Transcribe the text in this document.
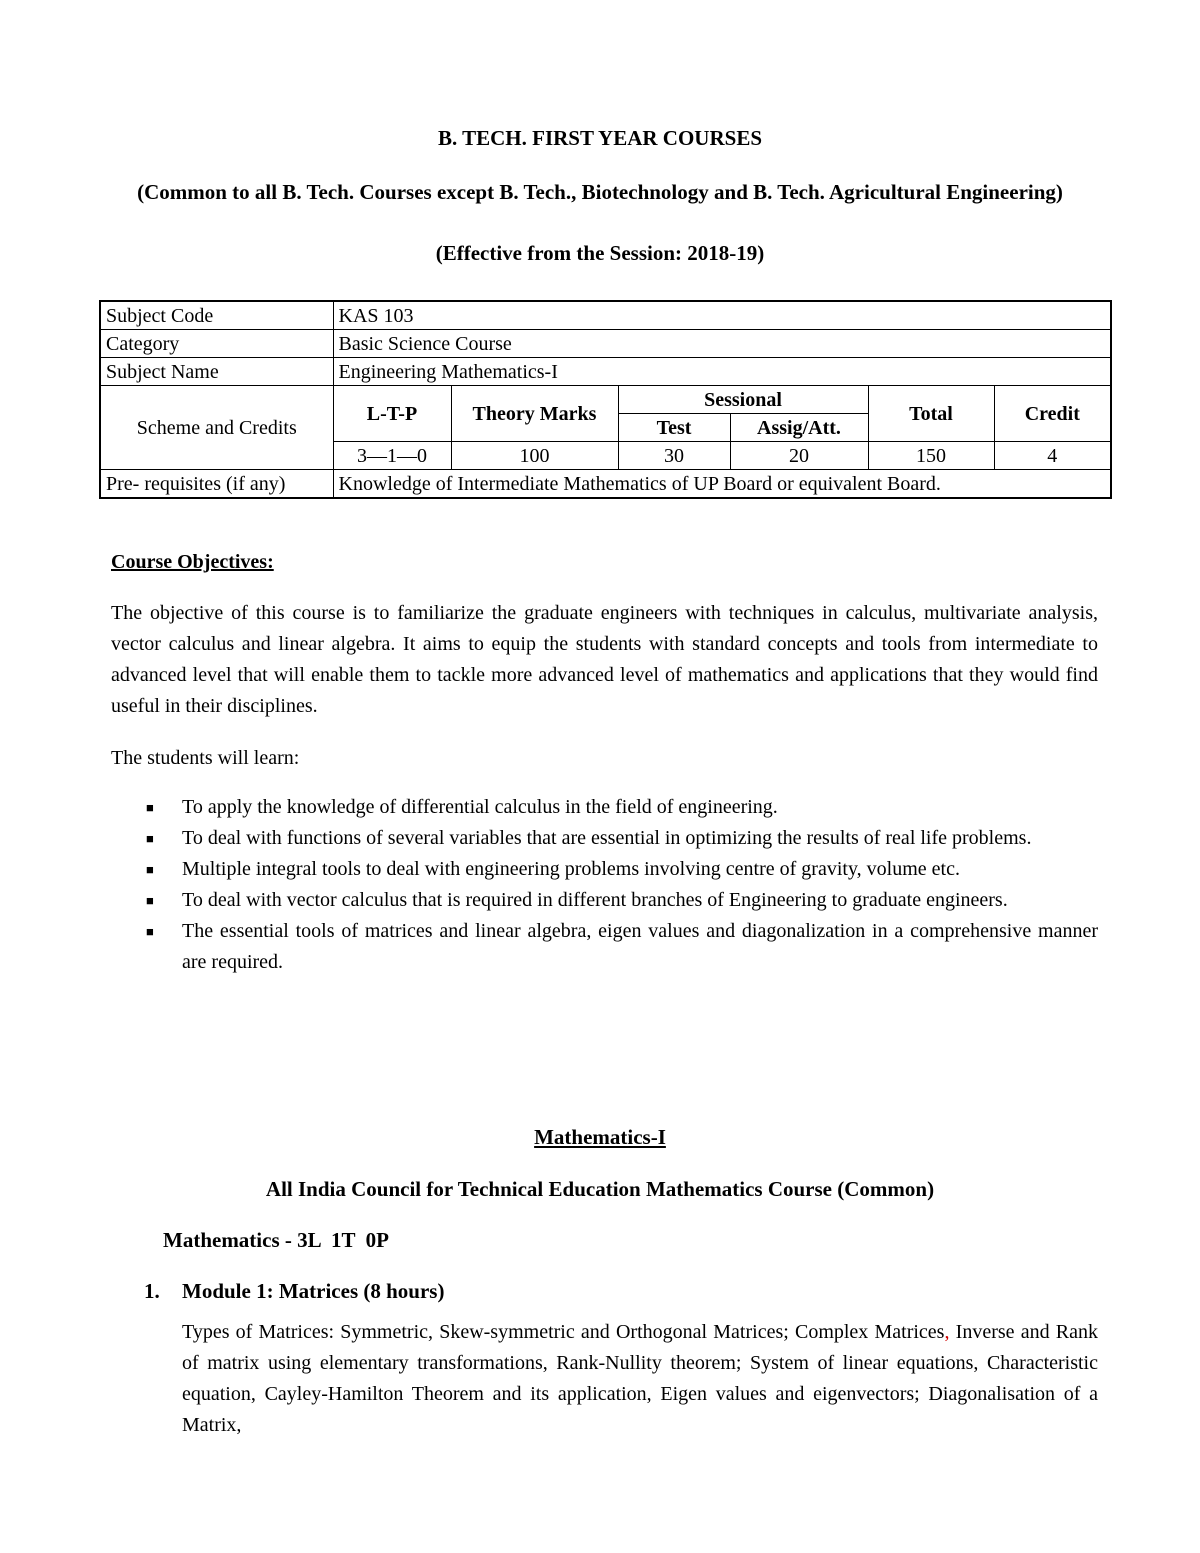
B. TECH. FIRST YEAR COURSES
(Common to all B. Tech. Courses except B. Tech., Biotechnology and B. Tech. Agricultural Engineering)
(Effective from the Session: 2018-19)
Subject Code	KAS 103					
Category	Basic Science Course					
Subject Name	Engineering Mathematics-I					
Scheme and Credits	L-T-P	Theory Marks	Sessional		Total	Credit
			Test	Assig/Att.		
	3—1—0	100	30	20	150	4
Pre- requisites (if any)	Knowledge of Intermediate Mathematics of UP Board or equivalent Board.					
Course Objectives:

The objective of this course is to familiarize the graduate engineers with techniques in calculus, multivariate analysis, vector calculus and linear algebra. It aims to equip the students with standard concepts and tools from intermediate to advanced level that will enable them to tackle more advanced level of mathematics and applications that they would find useful in their disciplines.

The students will learn:

■ To apply the knowledge of differential calculus in the field of engineering.
■ To deal with functions of several variables that are essential in optimizing the results of real life problems.
■ Multiple integral tools to deal with engineering problems involving centre of gravity, volume etc.
■ To deal with vector calculus that is required in different branches of Engineering to graduate engineers.
■ The essential tools of matrices and linear algebra, eigen values and diagonalization in a comprehensive manner are required.
Mathematics-I
All India Council for Technical Education Mathematics Course (Common)
Mathematics - 3L  1T  0P
1. Module 1: Matrices (8 hours)

Types of Matrices: Symmetric, Skew-symmetric and Orthogonal Matrices; Complex Matrices, Inverse and Rank of matrix using elementary transformations, Rank-Nullity theorem; System of linear equations, Characteristic equation, Cayley-Hamilton Theorem and its application, Eigen values and eigenvectors; Diagonalisation of a Matrix,
